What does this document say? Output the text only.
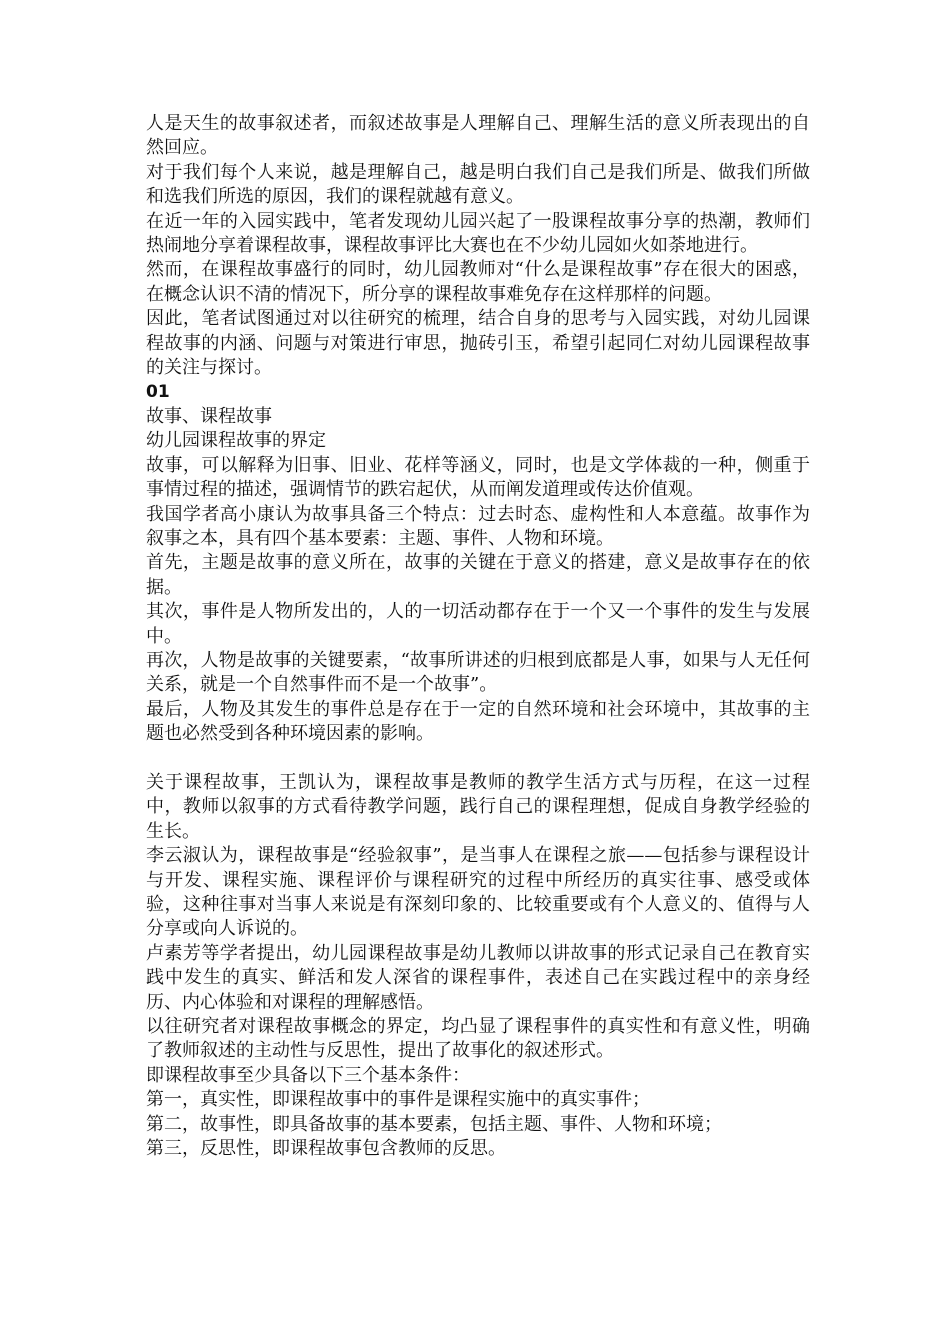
人是天生的故事叙述者，而叙述故事是人理解自己、理解生活的意义所表现出的自然回应。

对于我们每个人来说，越是理解自己，越是明白我们自己是我们所是、做我们所做和选我们所选的原因，我们的课程就越有意义。

在近一年的入园实践中，笔者发现幼儿园兴起了一股课程故事分享的热潮，教师们热闹地分享着课程故事，课程故事评比大赛也在不少幼儿园如火如荼地进行。

然而，在课程故事盛行的同时，幼儿园教师对“什么是课程故事”存在很大的困惑，在概念认识不清的情况下，所分享的课程故事难免存在这样那样的问题。

因此，笔者试图通过对以往研究的梳理，结合自身的思考与入园实践，对幼儿园课程故事的内涵、问题与对策进行审思，抛砖引玉，希望引起同仁对幼儿园课程故事的关注与探讨。

01

故事、课程故事

幼儿园课程故事的界定

故事，可以解释为旧事、旧业、花样等涵义，同时，也是文学体裁的一种，侧重于事情过程的描述，强调情节的跌宕起伏，从而阐发道理或传达价值观。

我国学者高小康认为故事具备三个特点：过去时态、虚构性和人本意蕴。故事作为叙事之本，具有四个基本要素：主题、事件、人物和环境。

首先，主题是故事的意义所在，故事的关键在于意义的搭建，意义是故事存在的依据。

其次，事件是人物所发出的，人的一切活动都存在于一个又一个事件的发生与发展中。

再次，人物是故事的关键要素，“故事所讲述的归根到底都是人事，如果与人无任何关系，就是一个自然事件而不是一个故事”。

最后，人物及其发生的事件总是存在于一定的自然环境和社会环境中，其故事的主题也必然受到各种环境因素的影响。

关于课程故事，王凯认为，课程故事是教师的教学生活方式与历程，在这一过程中，教师以叙事的方式看待教学问题，践行自己的课程理想，促成自身教学经验的生长。

李云淑认为，课程故事是“经验叙事”，是当事人在课程之旅——包括参与课程设计与开发、课程实施、课程评价与课程研究的过程中所经历的真实往事、感受或体验，这种往事对当事人来说是有深刻印象的、比较重要或有个人意义的、值得与人分享或向人诉说的。

卢素芳等学者提出，幼儿园课程故事是幼儿教师以讲故事的形式记录自己在教育实践中发生的真实、鲜活和发人深省的课程事件，表述自己在实践过程中的亲身经历、内心体验和对课程的理解感悟。

以往研究者对课程故事概念的界定，均凸显了课程事件的真实性和有意义性，明确了教师叙述的主动性与反思性，提出了故事化的叙述形式。

即课程故事至少具备以下三个基本条件：

第一，真实性，即课程故事中的事件是课程实施中的真实事件；

第二，故事性，即具备故事的基本要素，包括主题、事件、人物和环境；

第三，反思性，即课程故事包含教师的反思。
